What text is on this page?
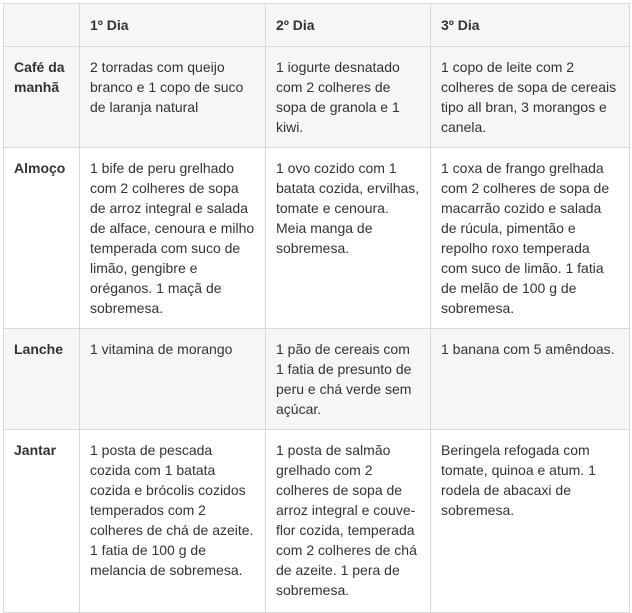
	1º Dia	2º Dia	3º Dia
Café da manhã	2 torradas com queijo branco e 1 copo de suco de laranja natural	1 iogurte desnatado com 2 colheres de sopa de granola e 1 kiwi.	1 copo de leite com 2 colheres de sopa de cereais tipo all bran, 3 morangos e canela.
Almoço	1 bife de peru grelhado com 2 colheres de sopa de arroz integral e salada de alface, cenoura e milho temperada com suco de limão, gengibre e oréganos. 1 maçã de sobremesa.	1 ovo cozido com 1 batata cozida, ervilhas, tomate e cenoura. Meia manga de sobremesa.	1 coxa de frango grelhada com 2 colheres de sopa de macarrão cozido e salada de rúcula, pimentão e repolho roxo temperada com suco de limão. 1 fatia de melão de 100 g de sobremesa.
Lanche	1 vitamina de morango	1 pão de cereais com 1 fatia de presunto de peru e chá verde sem açúcar.	1 banana com 5 amêndoas.
Jantar	1 posta de pescada cozida com 1 batata cozida e brócolis cozidos temperados com 2 colheres de chá de azeite. 1 fatia de 100 g de melancia de sobremesa.	1 posta de salmão grelhado com 2 colheres de sopa de arroz integral e couve-flor cozida, temperada com 2 colheres de chá de azeite. 1 pera de sobremesa.	Beringela refogada com tomate, quinoa e atum. 1 rodela de abacaxi de sobremesa.
